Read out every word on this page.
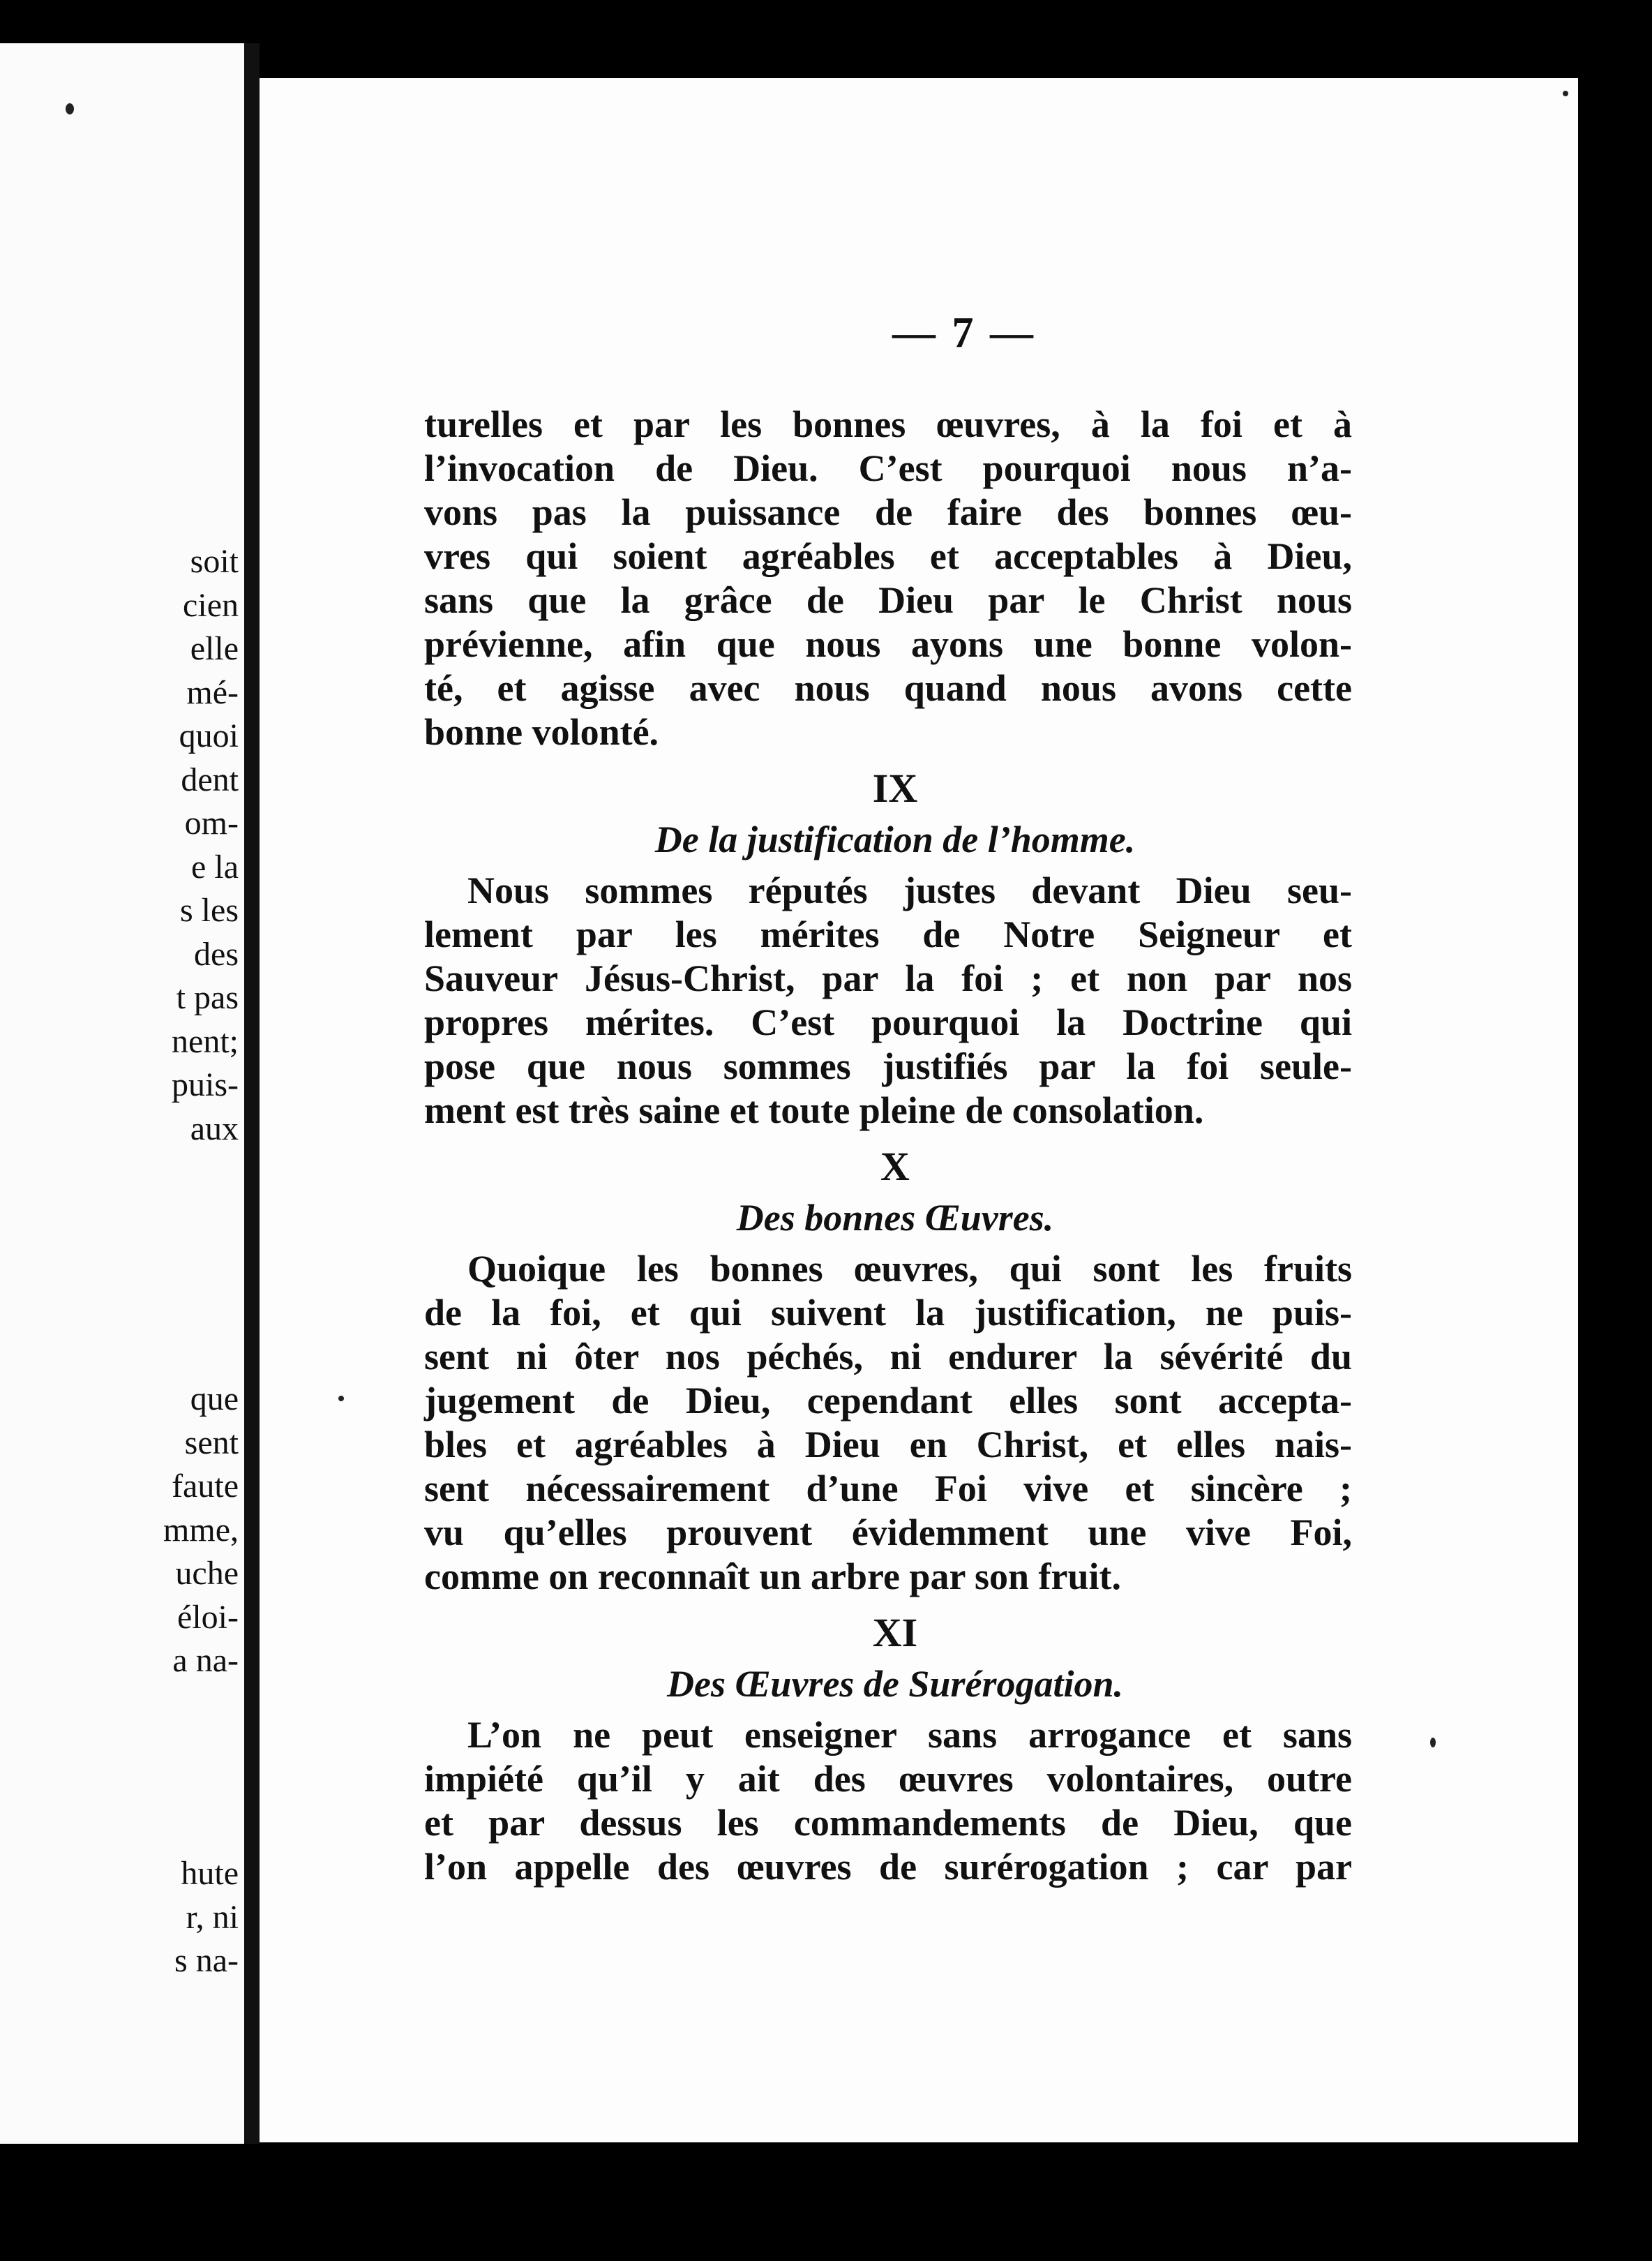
soit
cien
elle
mé-
quoi
dent
om-
e la
s les
des
t pas
nent;
puis-
aux
que
sent
faute
mme,
uche
éloi-
a na-
hute
r, ni
s na-
— 7 —

turelles et par les bonnes œuvres, à la foi et à
l’invocation de Dieu. C’est pourquoi nous n’a-
vons pas la puissance de faire des bonnes œu-
vres qui soient agréables et acceptables à Dieu,
sans que la grâce de Dieu par le Christ nous
prévienne, afin que nous ayons une bonne volon-
té, et agisse avec nous quand nous avons cette
bonne volonté.

IX
De la justification de l’homme.

Nous sommes réputés justes devant Dieu seu-
lement par les mérites de Notre Seigneur et
Sauveur Jésus-Christ, par la foi ; et non par nos
propres mérites. C’est pourquoi la Doctrine qui
pose que nous sommes justifiés par la foi seule-
ment est très saine et toute pleine de consolation.

X
Des bonnes Œuvres.

Quoique les bonnes œuvres, qui sont les fruits
de la foi, et qui suivent la justification, ne puis-
sent ni ôter nos péchés, ni endurer la sévérité du
jugement de Dieu, cependant elles sont accepta-
bles et agréables à Dieu en Christ, et elles nais-
sent nécessairement d’une Foi vive et sincère ;
vu qu’elles prouvent évidemment une vive Foi,
comme on reconnaît un arbre par son fruit.

XI
Des Œuvres de Surérogation.

L’on ne peut enseigner sans arrogance et sans
impiété qu’il y ait des œuvres volontaires, outre
et par dessus les commandements de Dieu, que
l’on appelle des œuvres de surérogation ; car par
